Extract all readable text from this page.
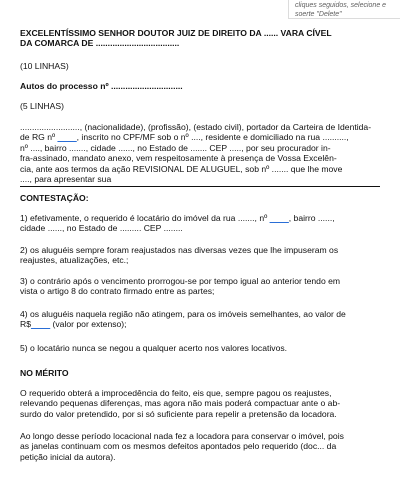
cliques seguidos, selecione e
soerte "Delete"

EXCELENTÍSSIMO SENHOR DOUTOR JUIZ DE DIREITO DA ...... VARA CÍVEL
DA COMARCA DE ...................................

(10 LINHAS)

Autos do processo nº ..............................

(5 LINHAS)

........................., (nacionalidade), (profissão), (estado civil), portador da Carteira de Identida-
de RG nº ____, inscrito no CPF/MF sob o nº ...., residente e domiciliado na rua ..........,
nº ...., bairro ......., cidade ......, no Estado de ....... CEP ....., por seu procurador in-
fra-assinado, mandato anexo, vem respeitosamente à presença de Vossa Excelên-
cia, ante aos termos da ação REVISIONAL DE ALUGUEL, sob nº ....... que lhe move
...., para apresentar sua

CONTESTAÇÃO:

1) efetivamente, o requerido é locatário do imóvel da rua ......., nº ____, bairro ......,
cidade ......, no Estado de ......... CEP ........
2) os aluguéis sempre foram reajustados nas diversas vezes que lhe impuseram os
reajustes, atualizações, etc.;
3) o contrário após o vencimento prorrogou-se por tempo igual ao anterior tendo em
vista o artigo 8 do contrato firmado entre as partes;
4) os aluguéis naquela região não atingem, para os imóveis semelhantes, ao valor de
R$____ (valor por extenso);

5) o locatário nunca se negou a qualquer acerto nos valores locativos.

NO MÉRITO

O requerido obterá a improcedência do feito, eis que, sempre pagou os reajustes,
relevando pequenas diferenças, mas agora não mais poderá compactuar ante o ab-
surdo do valor pretendido, por si só suficiente para repelir a pretensão da locadora.
Ao longo desse período locacional nada fez a locadora para conservar o imóvel, pois
as janelas continuam com os mesmos defeitos apontados pelo requerido (doc... da
petição inicial da autora).
